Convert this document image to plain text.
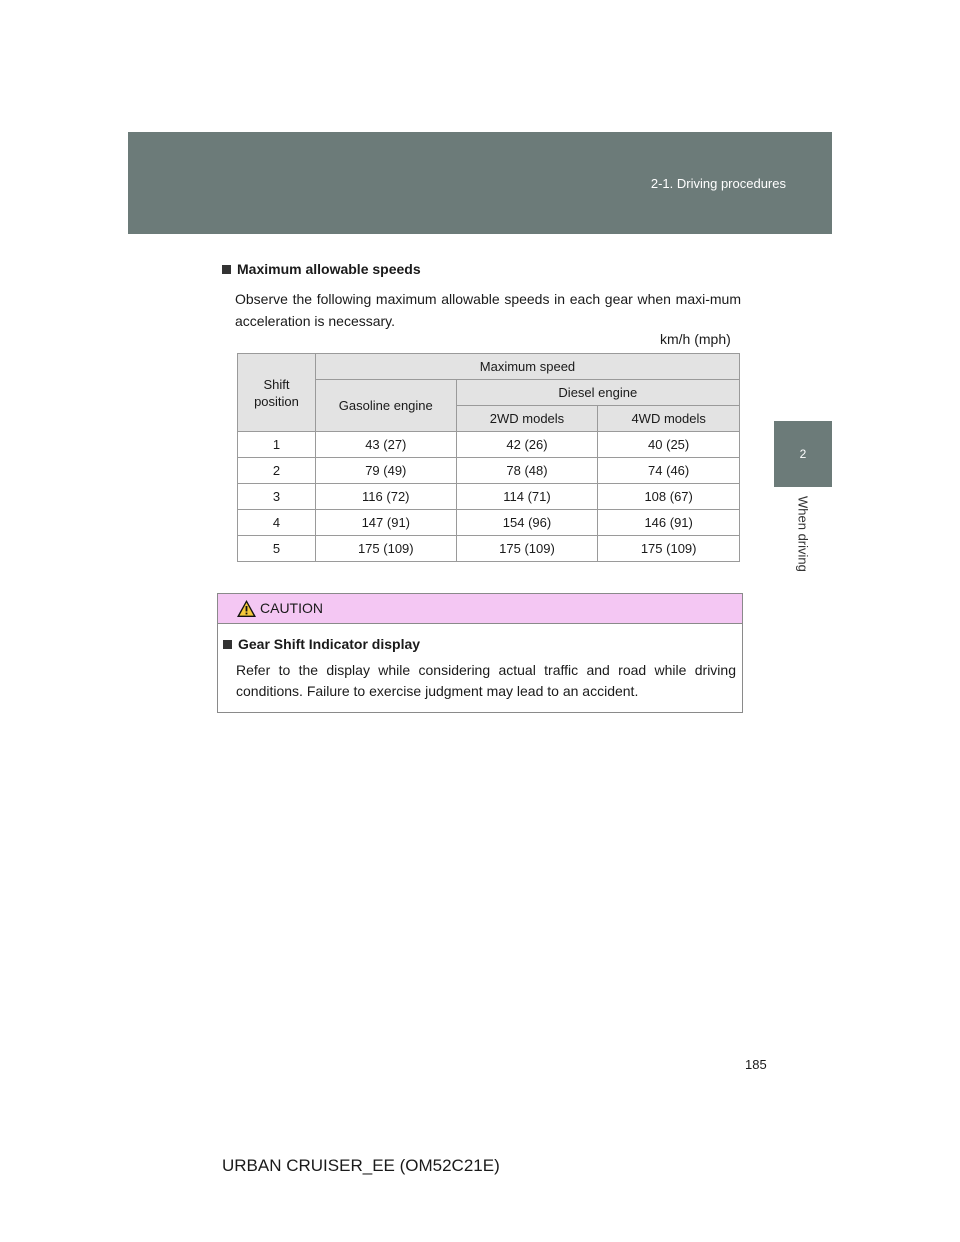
2-1. Driving procedures
2
When driving
Maximum allowable speeds
Observe the following maximum allowable speeds in each gear when maxi-mum acceleration is necessary.
km/h (mph)
Shift position	Maximum speed		
	Gasoline engine	Diesel engine	
		2WD models	4WD models
1	43 (27)	42 (26)	40 (25)
2	79 (49)	78 (48)	74 (46)
3	116 (72)	114 (71)	108 (67)
4	147 (91)	154 (96)	146 (91)
5	175 (109)	175 (109)	175 (109)
CAUTION
Gear Shift Indicator display
Refer to the display while considering actual traffic and road while driving conditions. Failure to exercise judgment may lead to an accident.
185
URBAN CRUISER_EE (OM52C21E)
